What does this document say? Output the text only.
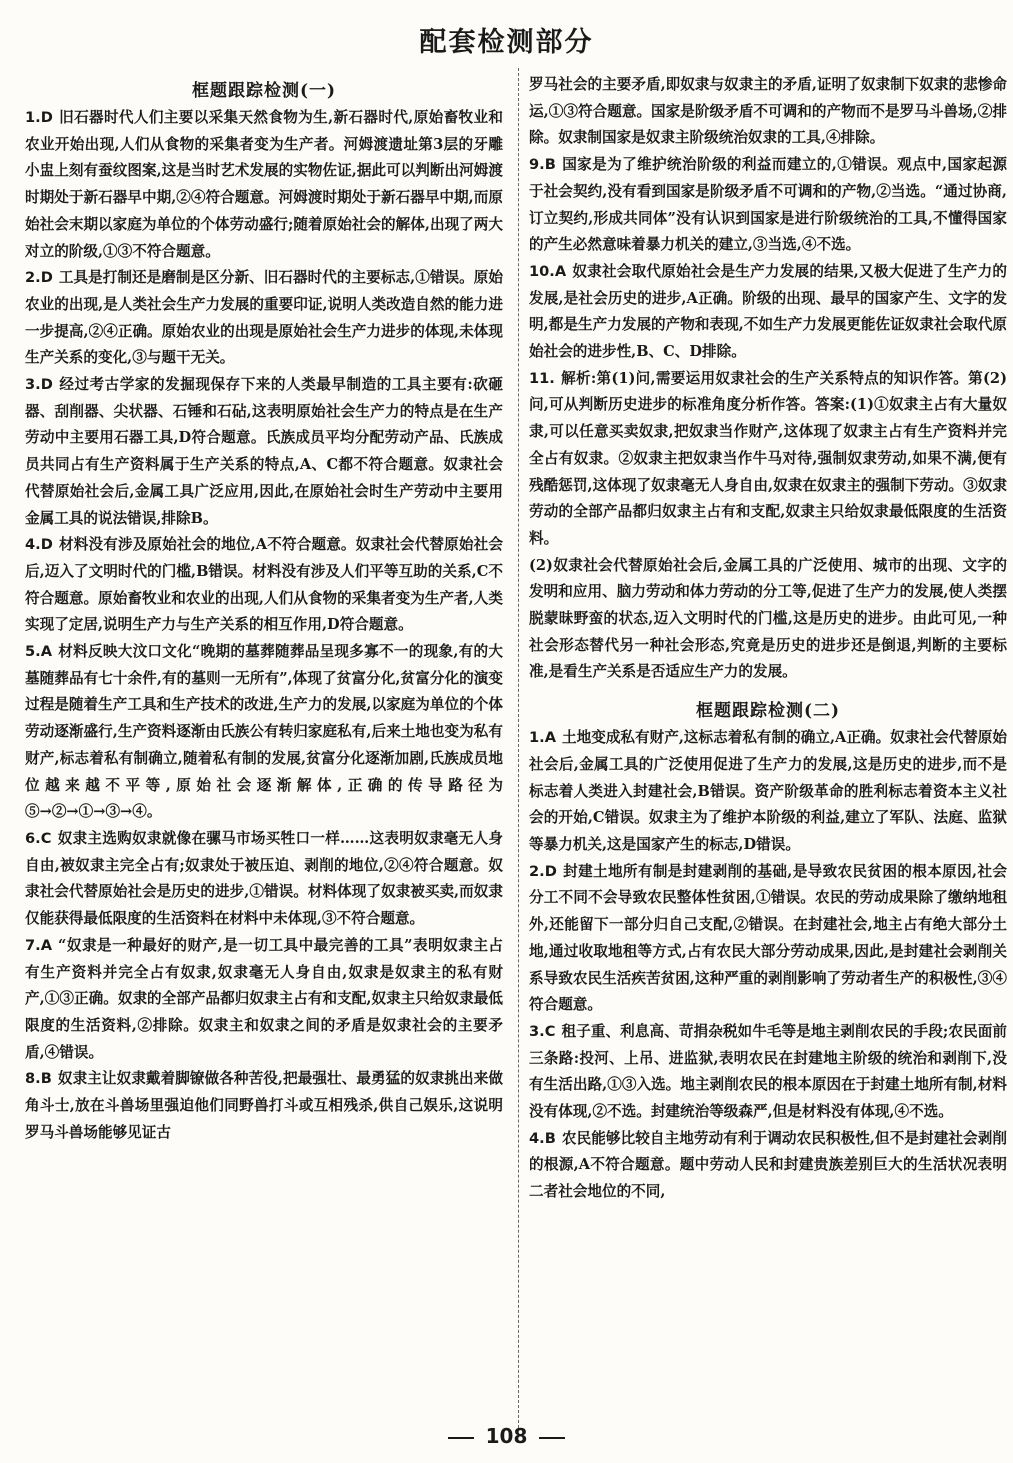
配套检测部分
框题跟踪检测(一)

1.D 旧石器时代人们主要以采集天然食物为生,新石器时代,原始畜牧业和农业开始出现,人们从食物的采集者变为生产者。河姆渡遗址第3层的牙雕小盅上刻有蚕纹图案,这是当时艺术发展的实物佐证,据此可以判断出河姆渡时期处于新石器早中期,②④符合题意。河姆渡时期处于新石器早中期,而原始社会末期以家庭为单位的个体劳动盛行;随着原始社会的解体,出现了两大对立的阶级,①③不符合题意。

2.D 工具是打制还是磨制是区分新、旧石器时代的主要标志,①错误。原始农业的出现,是人类社会生产力发展的重要印证,说明人类改造自然的能力进一步提高,②④正确。原始农业的出现是原始社会生产力进步的体现,未体现生产关系的变化,③与题干无关。

3.D 经过考古学家的发掘现保存下来的人类最早制造的工具主要有:砍砸器、刮削器、尖状器、石锤和石砧,这表明原始社会生产力的特点是在生产劳动中主要用石器工具,D符合题意。氏族成员平均分配劳动产品、氏族成员共同占有生产资料属于生产关系的特点,A、C都不符合题意。奴隶社会代替原始社会后,金属工具广泛应用,因此,在原始社会时生产劳动中主要用金属工具的说法错误,排除B。

4.D 材料没有涉及原始社会的地位,A不符合题意。奴隶社会代替原始社会后,迈入了文明时代的门槛,B错误。材料没有涉及人们平等互助的关系,C不符合题意。原始畜牧业和农业的出现,人们从食物的采集者变为生产者,人类实现了定居,说明生产力与生产关系的相互作用,D符合题意。

5.A 材料反映大汶口文化“晚期的墓葬随葬品呈现多寡不一的现象,有的大墓随葬品有七十余件,有的墓则一无所有”,体现了贫富分化,贫富分化的演变过程是随着生产工具和生产技术的改进,生产力的发展,以家庭为单位的个体劳动逐渐盛行,生产资料逐渐由氏族公有转归家庭私有,后来土地也变为私有财产,标志着私有制确立,随着私有制的发展,贫富分化逐渐加剧,氏族成员地位越来越不平等,原始社会逐渐解体,正确的传导路径为⑤→②→①→③→④。

6.C 奴隶主选购奴隶就像在骡马市场买牲口一样……这表明奴隶毫无人身自由,被奴隶主完全占有;奴隶处于被压迫、剥削的地位,②④符合题意。奴隶社会代替原始社会是历史的进步,①错误。材料体现了奴隶被买卖,而奴隶仅能获得最低限度的生活资料在材料中未体现,③不符合题意。

7.A “奴隶是一种最好的财产,是一切工具中最完善的工具”表明奴隶主占有生产资料并完全占有奴隶,奴隶毫无人身自由,奴隶是奴隶主的私有财产,①③正确。奴隶的全部产品都归奴隶主占有和支配,奴隶主只给奴隶最低限度的生活资料,②排除。奴隶主和奴隶之间的矛盾是奴隶社会的主要矛盾,④错误。

8.B 奴隶主让奴隶戴着脚镣做各种苦役,把最强壮、最勇猛的奴隶挑出来做角斗士,放在斗兽场里强迫他们同野兽打斗或互相残杀,供自己娱乐,这说明罗马斗兽场能够见证古

罗马社会的主要矛盾,即奴隶与奴隶主的矛盾,证明了奴隶制下奴隶的悲惨命运,①③符合题意。国家是阶级矛盾不可调和的产物而不是罗马斗兽场,②排除。奴隶制国家是奴隶主阶级统治奴隶的工具,④排除。

9.B 国家是为了维护统治阶级的利益而建立的,①错误。观点中,国家起源于社会契约,没有看到国家是阶级矛盾不可调和的产物,②当选。“通过协商,订立契约,形成共同体”没有认识到国家是进行阶级统治的工具,不懂得国家的产生必然意味着暴力机关的建立,③当选,④不选。

10.A 奴隶社会取代原始社会是生产力发展的结果,又极大促进了生产力的发展,是社会历史的进步,A正确。阶级的出现、最早的国家产生、文字的发明,都是生产力发展的产物和表现,不如生产力发展更能佐证奴隶社会取代原始社会的进步性,B、C、D排除。

11. 解析:第(1)问,需要运用奴隶社会的生产关系特点的知识作答。第(2)问,可从判断历史进步的标准角度分析作答。答案:(1)①奴隶主占有大量奴隶,可以任意买卖奴隶,把奴隶当作财产,这体现了奴隶主占有生产资料并完全占有奴隶。②奴隶主把奴隶当作牛马对待,强制奴隶劳动,如果不满,便有残酷惩罚,这体现了奴隶毫无人身自由,奴隶在奴隶主的强制下劳动。③奴隶劳动的全部产品都归奴隶主占有和支配,奴隶主只给奴隶最低限度的生活资料。

(2)奴隶社会代替原始社会后,金属工具的广泛使用、城市的出现、文字的发明和应用、脑力劳动和体力劳动的分工等,促进了生产力的发展,使人类摆脱蒙昧野蛮的状态,迈入文明时代的门槛,这是历史的进步。由此可见,一种社会形态替代另一种社会形态,究竟是历史的进步还是倒退,判断的主要标准,是看生产关系是否适应生产力的发展。

框题跟踪检测(二)

1.A 土地变成私有财产,这标志着私有制的确立,A正确。奴隶社会代替原始社会后,金属工具的广泛使用促进了生产力的发展,这是历史的进步,而不是标志着人类进入封建社会,B错误。资产阶级革命的胜利标志着资本主义社会的开始,C错误。奴隶主为了维护本阶级的利益,建立了军队、法庭、监狱等暴力机关,这是国家产生的标志,D错误。

2.D 封建土地所有制是封建剥削的基础,是导致农民贫困的根本原因,社会分工不同不会导致农民整体性贫困,①错误。农民的劳动成果除了缴纳地租外,还能留下一部分归自己支配,②错误。在封建社会,地主占有绝大部分土地,通过收取地租等方式,占有农民大部分劳动成果,因此,是封建社会剥削关系导致农民生活疾苦贫困,这种严重的剥削影响了劳动者生产的积极性,③④符合题意。

3.C 租子重、利息高、苛捐杂税如牛毛等是地主剥削农民的手段;农民面前三条路:投河、上吊、进监狱,表明农民在封建地主阶级的统治和剥削下,没有生活出路,①③入选。地主剥削农民的根本原因在于封建土地所有制,材料没有体现,②不选。封建统治等级森严,但是材料没有体现,④不选。

4.B 农民能够比较自主地劳动有利于调动农民积极性,但不是封建社会剥削的根源,A不符合题意。题中劳动人民和封建贵族差别巨大的生活状况表明二者社会地位的不同,

108
